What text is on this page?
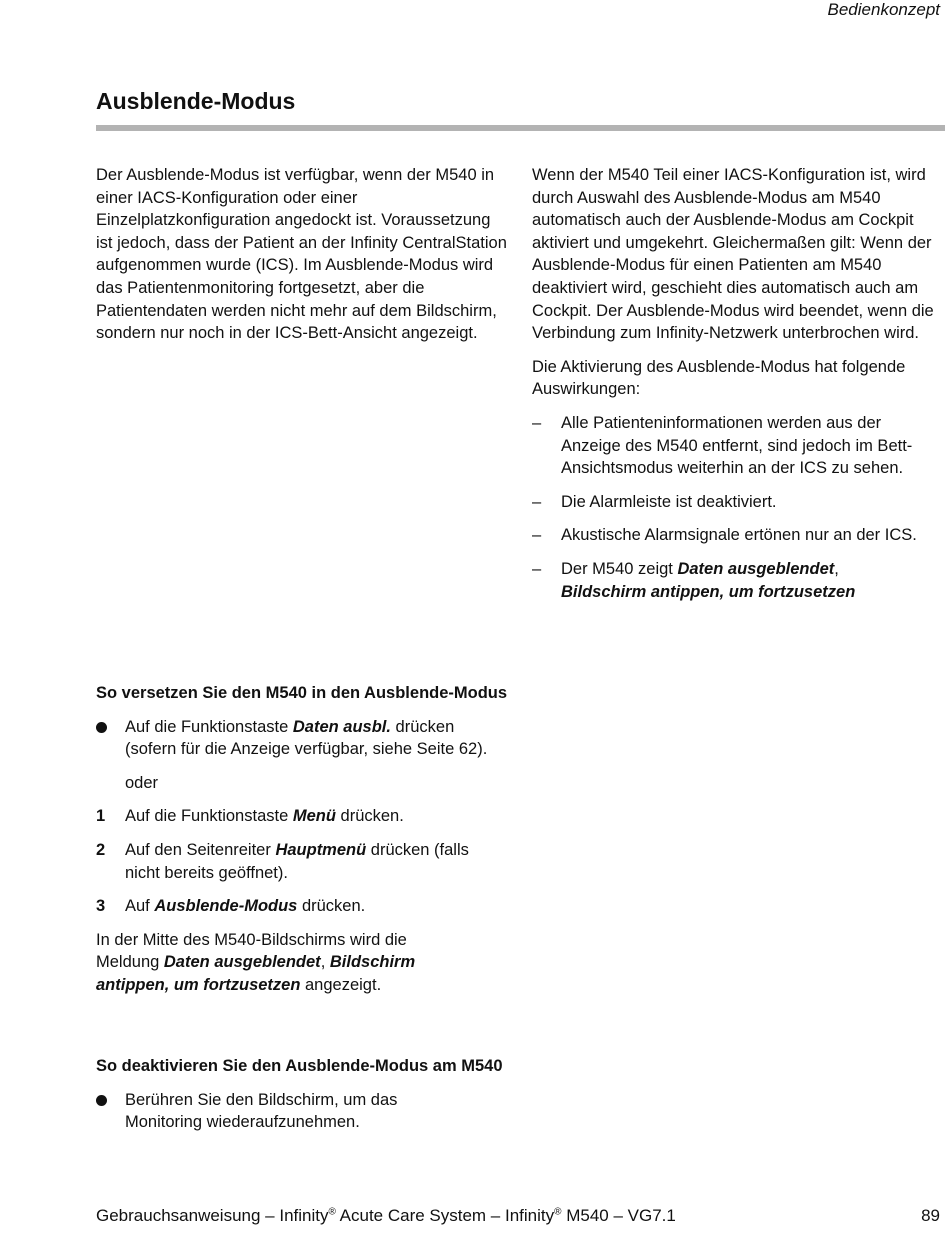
Bedienkonzept
Ausblende-Modus

Der Ausblende-Modus ist verfügbar, wenn der M540 in einer IACS-Konfiguration oder einer Einzelplatzkonfiguration angedockt ist. Voraussetzung ist jedoch, dass der Patient an der Infinity CentralStation aufgenommen wurde (ICS). Im Ausblende-Modus wird das Patientenmonitoring fortgesetzt, aber die Patientendaten werden nicht mehr auf dem Bildschirm, sondern nur noch in der ICS-Bett-Ansicht angezeigt.

Wenn der M540 Teil einer IACS-Konfiguration ist, wird durch Auswahl des Ausblende-Modus am M540 automatisch auch der Ausblende-Modus am Cockpit aktiviert und umgekehrt. Gleichermaßen gilt: Wenn der Ausblende-Modus für einen Patienten am M540 deaktiviert wird, geschieht dies automatisch auch am Cockpit. Der Ausblende-Modus wird beendet, wenn die Verbindung zum Infinity-Netzwerk unterbrochen wird.

Die Aktivierung des Ausblende-Modus hat folgende Auswirkungen:

– Alle Patienteninformationen werden aus der Anzeige des M540 entfernt, sind jedoch im Bett-Ansichtsmodus weiterhin an der ICS zu sehen.
– Die Alarmleiste ist deaktiviert.
– Akustische Alarmsignale ertönen nur an der ICS.
– Der M540 zeigt Daten ausgeblendet,
Bildschirm antippen, um fortzusetzen
So versetzen Sie den M540 in den Ausblende-Modus
Auf die Funktionstaste Daten ausbl. drücken (sofern für die Anzeige verfügbar, siehe Seite 62).
oder
1 Auf die Funktionstaste Menü drücken.
2 Auf den Seitenreiter Hauptmenü drücken (falls nicht bereits geöffnet).
3 Auf Ausblende-Modus drücken.

In der Mitte des M540-Bildschirms wird die Meldung Daten ausgeblendet, Bildschirm antippen, um fortzusetzen angezeigt.

So deaktivieren Sie den Ausblende-Modus am M540
Berühren Sie den Bildschirm, um das Monitoring wiederaufzunehmen.
Gebrauchsanweisung – Infinity® Acute Care System – Infinity® M540 – VG7.1	89
